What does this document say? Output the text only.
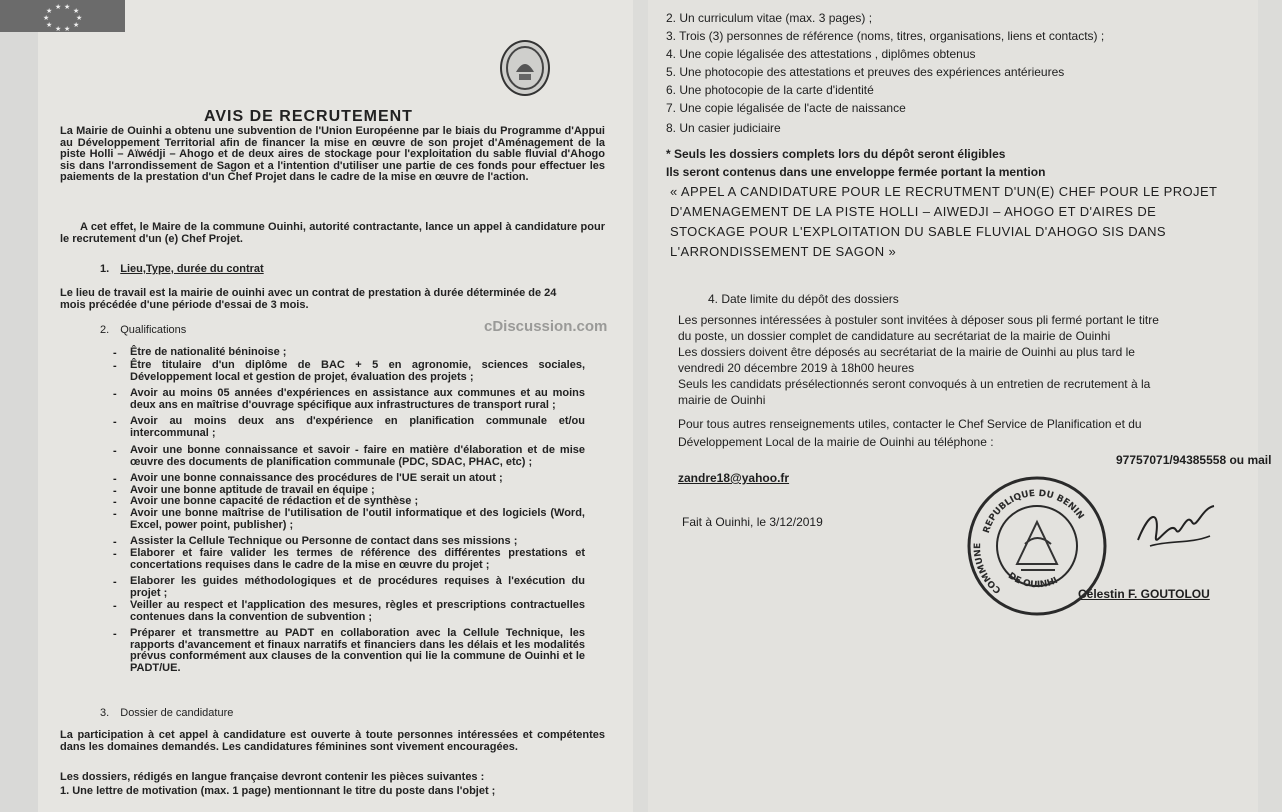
★ ★
★	★
★	★
★	★
★ ★
AVIS DE RECRUTEMENT
La Mairie de Ouinhi a obtenu une subvention de l'Union Européenne par le biais du Programme d'Appui au Développement Territorial afin de financer la mise en œuvre de son projet d'Aménagement de la piste Holli – Aïwédji – Ahogo et de deux aires de stockage pour l'exploitation du sable fluvial d'Ahogo sis dans l'arrondissement de Sagon et a l'intention d'utiliser une partie de ces fonds pour effectuer les paiements de la prestation d'un Chef Projet dans le cadre de la mise en œuvre de l'action.
A cet effet, le Maire de la commune Ouinhi, autorité contractante, lance un appel à candidature pour le recrutement d'un (e) Chef Projet.
1. Lieu,Type, durée du contrat
Le lieu de travail est la mairie de ouinhi avec un contrat de prestation à durée déterminée de 24 mois précédée d'une période d'essai de 3 mois.
2. Qualifications
- Être de nationalité béninoise ;
- Être titulaire d'un diplôme de BAC + 5 en agronomie, sciences sociales, Développement local et gestion de projet, évaluation des projets ;
- Avoir au moins 05 années d'expériences en assistance aux communes et au moins deux ans en maîtrise d'ouvrage spécifique aux infrastructures de transport rural ;
- Avoir au moins deux ans d'expérience en planification communale et/ou intercommunal ;
- Avoir une bonne connaissance et savoir - faire en matière d'élaboration et de mise œuvre des documents de planification communale (PDC, SDAC, PHAC, etc) ;
- Avoir une bonne connaissance des procédures de l'UE serait un atout ;
- Avoir une bonne aptitude de travail en équipe ;
- Avoir une bonne capacité de rédaction et de synthèse ;
- Avoir une bonne maîtrise de l'utilisation de l'outil informatique et des logiciels (Word, Excel, power point, publisher) ;
- Assister la Cellule Technique ou Personne de contact dans ses missions ;
- Elaborer et faire valider les termes de référence des différentes prestations et concertations requises dans le cadre de la mise en œuvre du projet ;
- Elaborer les guides méthodologiques et de procédures requises à l'exécution du projet ;
- Veiller au respect et l'application des mesures, règles et prescriptions contractuelles contenues dans la convention de subvention ;
- Préparer et transmettre au PADT en collaboration avec la Cellule Technique, les rapports d'avancement et finaux narratifs et financiers dans les délais et les modalités prévus conformément aux clauses de la convention qui lie la commune de Ouinhi et le PADT/UE.
3. Dossier de candidature
La participation à cet appel à candidature est ouverte à toute personnes intéressées et compétentes dans les domaines demandés. Les candidatures féminines sont vivement encouragées.
Les dossiers, rédigés en langue française devront contenir les pièces suivantes :
1. Une lettre de motivation (max. 1 page) mentionnant le titre du poste dans l'objet ;
cDiscussion.com
2. Un curriculum vitae (max. 3 pages) ;
3. Trois (3) personnes de référence (noms, titres, organisations, liens et contacts) ;
4. Une copie légalisée des attestations , diplômes obtenus
5. Une photocopie des attestations et preuves des expériences antérieures
6. Une photocopie de la carte d'identité
7. Une copie légalisée de l'acte de naissance
8. Un casier judiciaire
* Seuls les dossiers complets lors du dépôt seront éligibles
Ils seront contenus dans une enveloppe fermée portant la mention
« APPEL A CANDIDATURE POUR LE RECRUTMENT D'UN(E) CHEF POUR LE PROJET
D'AMENAGEMENT DE LA PISTE HOLLI – AIWEDJI – AHOGO ET D'AIRES DE
STOCKAGE POUR L'EXPLOITATION DU SABLE FLUVIAL D'AHOGO SIS DANS
L'ARRONDISSEMENT DE SAGON »
4. Date limite du dépôt des dossiers
Les personnes intéressées à postuler sont invitées à déposer sous pli fermé portant le titre
du poste, un dossier complet de candidature au secrétariat de la mairie de Ouinhi
Les dossiers doivent être déposés au secrétariat de la mairie de Ouinhi au plus tard le
vendredi 20 décembre 2019 à 18h00 heures
Seuls les candidats présélectionnés seront convoqués à un entretien de recrutement à la
mairie de Ouinhi
Pour tous autres renseignements utiles, contacter le Chef Service de Planification et du
Développement Local de la mairie de Ouinhi au téléphone :
97757071/94385558 ou mail
zandre18@yahoo.fr
Fait à Ouinhi, le 3/12/2019
Célestin F. GOUTOLOU
REPUBLIQUE DU BENIN
DE OUINHI
COMMUNE
